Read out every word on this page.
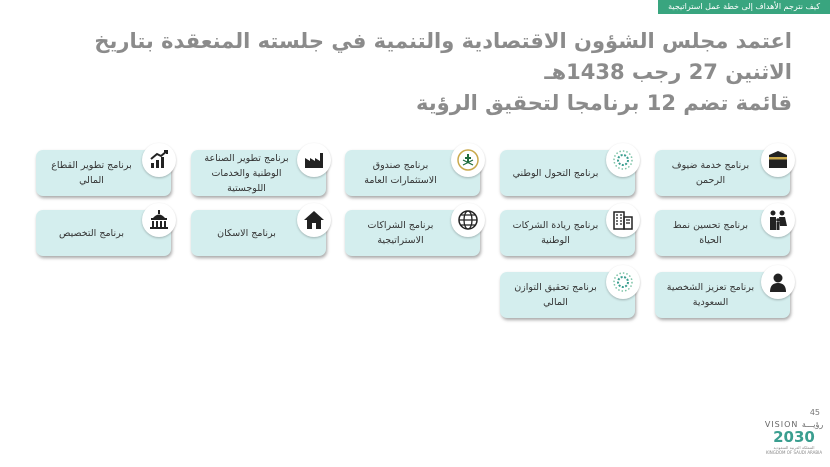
كيف نترجم الأهداف إلى خطة عمل استراتيجية
اعتمد مجلس الشؤون الاقتصادية والتنمية في جلسته المنعقدة بتاريخ الاثنين 27 رجب 1438هـ
قائمة تضم 12 برنامجا لتحقيق الرؤية
برنامج خدمة ضيوف الرحمن
برنامج التحول الوطني
برنامج صندوق الاستثمارات العامة
برنامج تطوير الصناعة الوطنية والخدمات اللوجستية
برنامج تطوير القطاع المالي
برنامج تحسين نمط الحياة
برنامج ريادة الشركات الوطنية
برنامج الشراكات الاستراتيجية
برنامج الاسكان
برنامج التخصيص
برنامج تعزيز الشخصية السعودية
برنامج تحقيق التوازن المالي
45
VISION رؤيـــة
2030
المملكة العربية السعودية KINGDOM OF SAUDI ARABIA
